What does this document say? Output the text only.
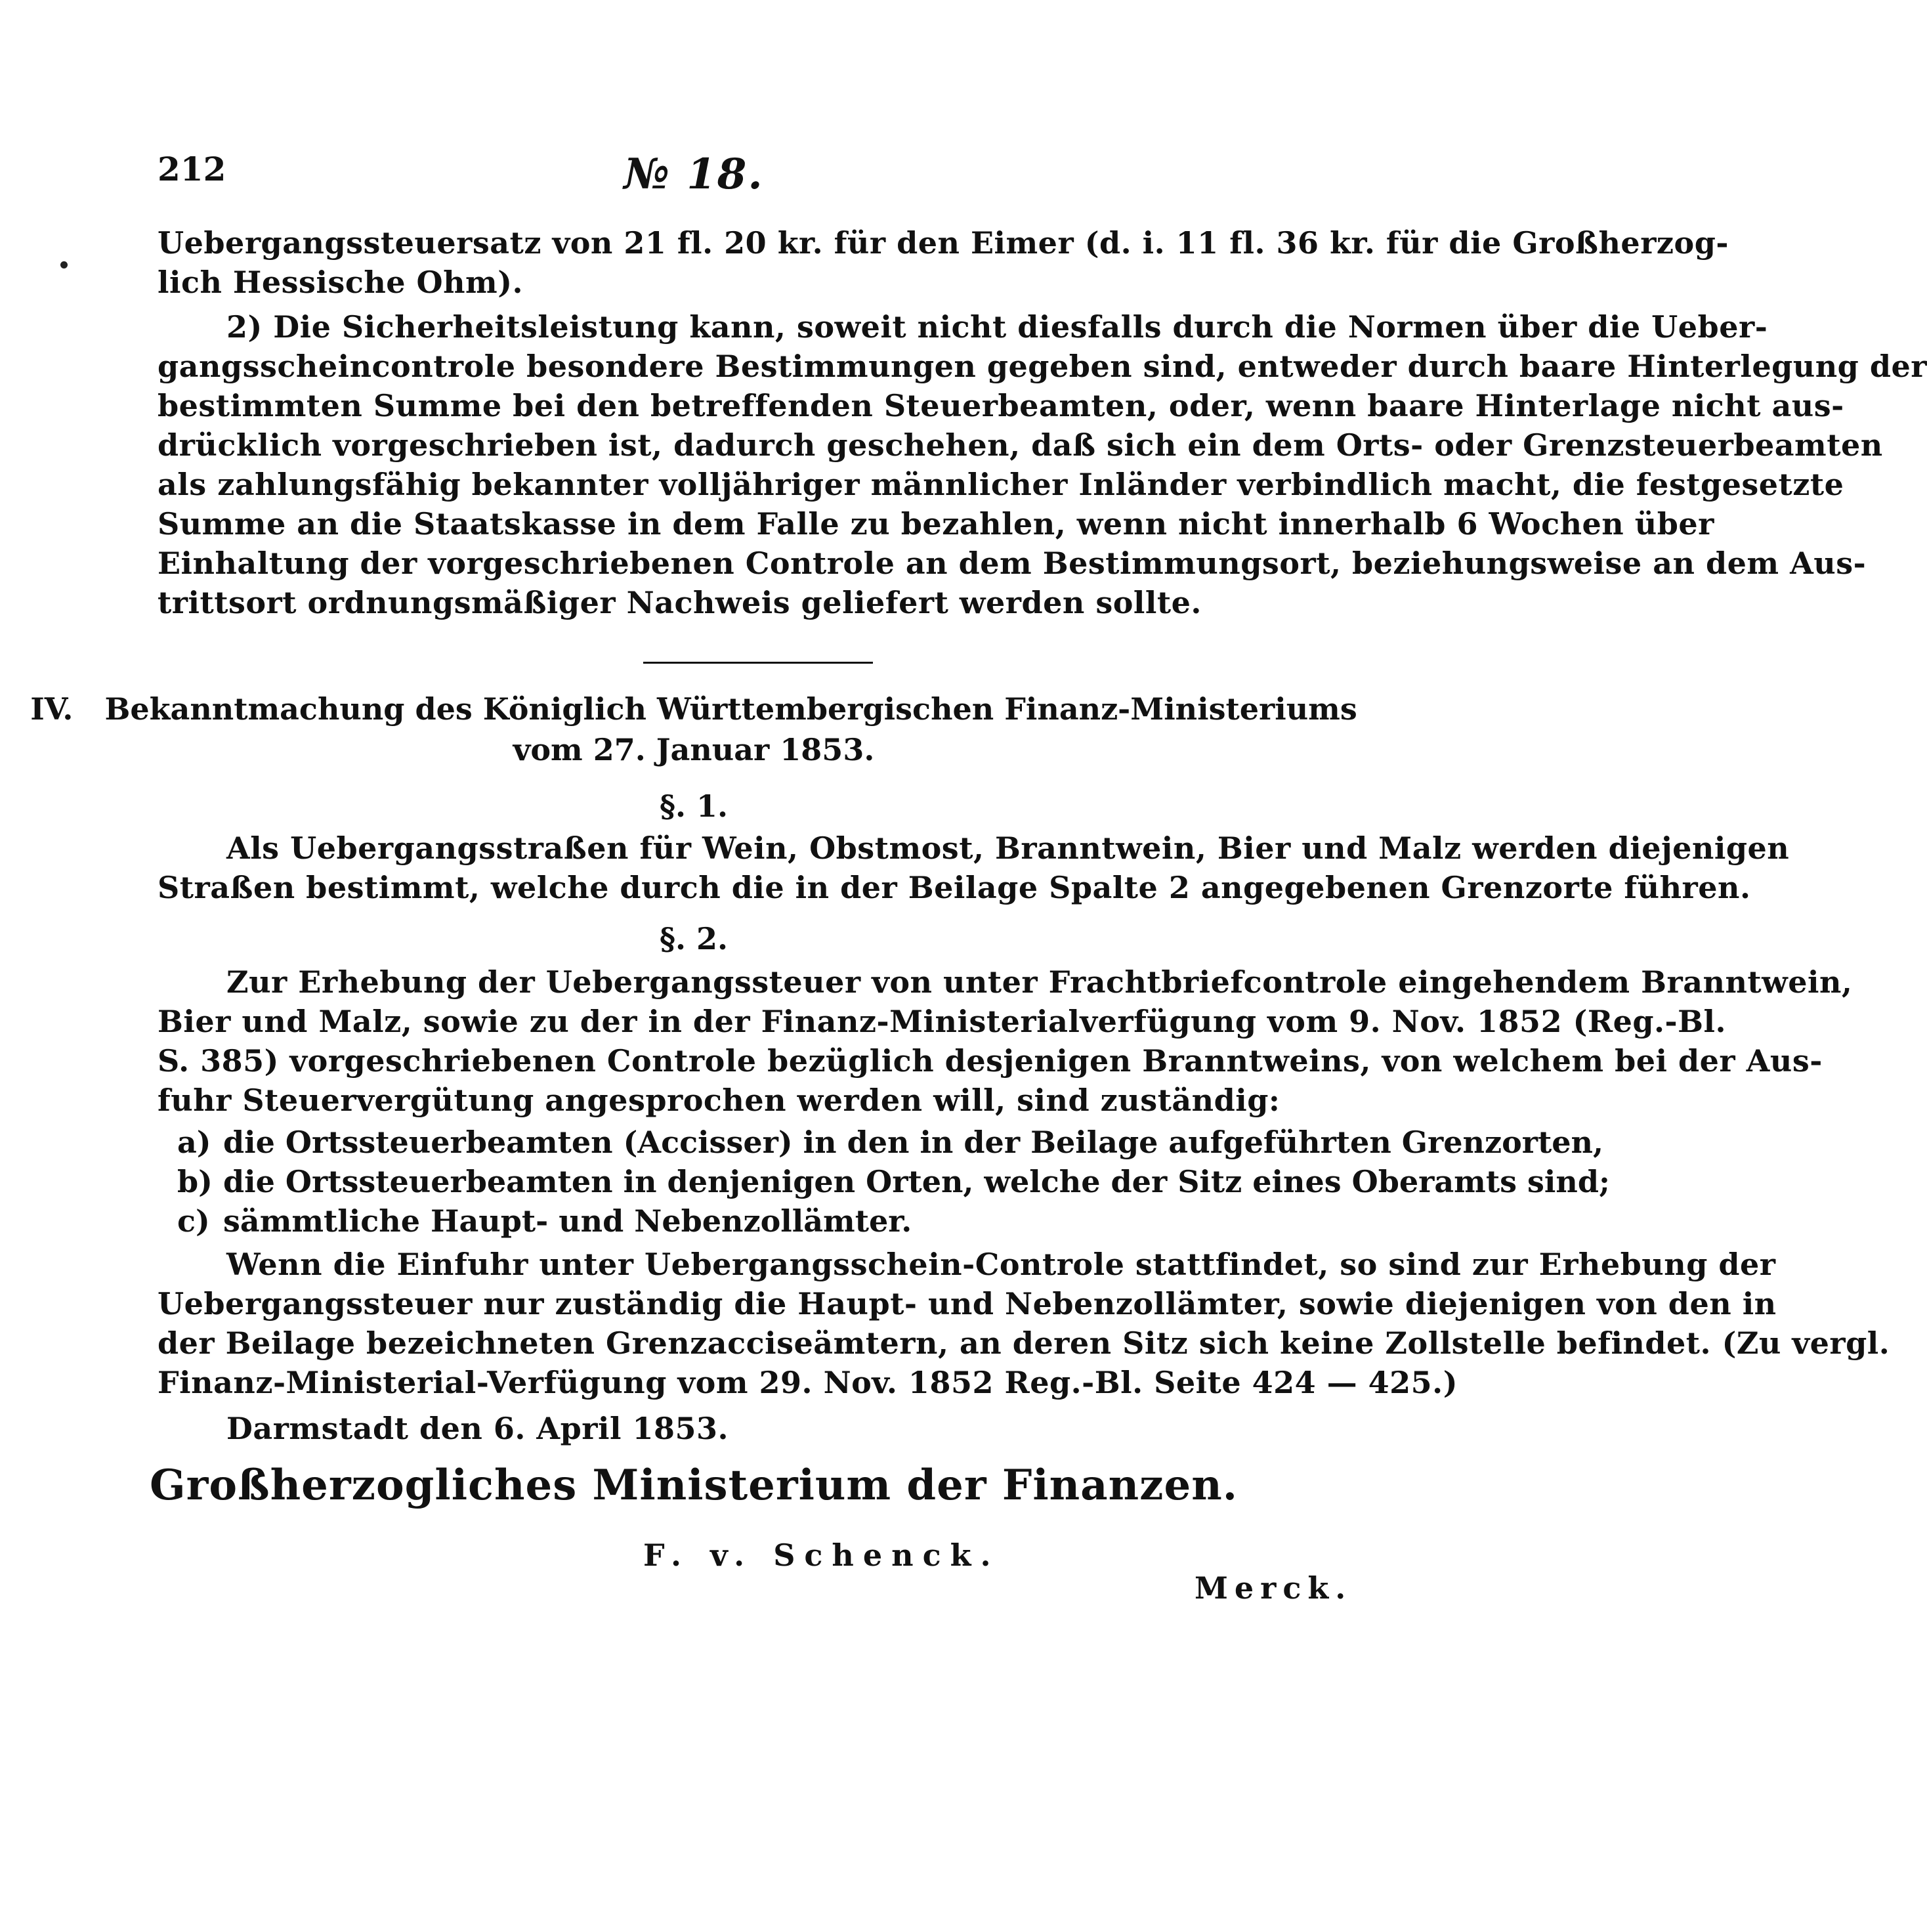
212	№ 18.
Uebergangssteuersatz von 21 fl. 20 kr. für den Eimer (d. i. 11 fl. 36 kr. für die Großherzog-
lich Hessische Ohm).
2) Die Sicherheitsleistung kann, soweit nicht diesfalls durch die Normen über die Ueber-
gangsscheincontrole besondere Bestimmungen gegeben sind, entweder durch baare Hinterlegung der
bestimmten Summe bei den betreffenden Steuerbeamten, oder, wenn baare Hinterlage nicht aus-
drücklich vorgeschrieben ist, dadurch geschehen, daß sich ein dem Orts- oder Grenzsteuerbeamten
als zahlungsfähig bekannter volljähriger männlicher Inländer verbindlich macht, die festgesetzte
Summe an die Staatskasse in dem Falle zu bezahlen, wenn nicht innerhalb 6 Wochen über
Einhaltung der vorgeschriebenen Controle an dem Bestimmungsort, beziehungsweise an dem Aus-
trittsort ordnungsmäßiger Nachweis geliefert werden sollte.
IV.   Bekanntmachung des Königlich Württembergischen Finanz-Ministeriums
vom 27. Januar 1853.
§. 1.
Als Uebergangsstraßen für Wein, Obstmost, Branntwein, Bier und Malz werden diejenigen
Straßen bestimmt, welche durch die in der Beilage Spalte 2 angegebenen Grenzorte führen.
§. 2.
Zur Erhebung der Uebergangssteuer von unter Frachtbriefcontrole eingehendem Branntwein,
Bier und Malz, sowie zu der in der Finanz-Ministerialverfügung vom 9. Nov. 1852 (Reg.-Bl.
S. 385) vorgeschriebenen Controle bezüglich desjenigen Branntweins, von welchem bei der Aus-
fuhr Steuervergütung angesprochen werden will, sind zuständig:
a) die Ortssteuerbeamten (Accisser) in den in der Beilage aufgeführten Grenzorten,
b) die Ortssteuerbeamten in denjenigen Orten, welche der Sitz eines Oberamts sind;
c) sämmtliche Haupt- und Nebenzollämter.
Wenn die Einfuhr unter Uebergangsschein-Controle stattfindet, so sind zur Erhebung der
Uebergangssteuer nur zuständig die Haupt- und Nebenzollämter, sowie diejenigen von den in
der Beilage bezeichneten Grenzacciseämtern, an deren Sitz sich keine Zollstelle befindet. (Zu vergl.
Finanz-Ministerial-Verfügung vom 29. Nov. 1852 Reg.-Bl. Seite 424 — 425.)
Darmstadt den 6. April 1853.
Großherzogliches Ministerium der Finanzen.
F. v. Schenck.
Merck.
